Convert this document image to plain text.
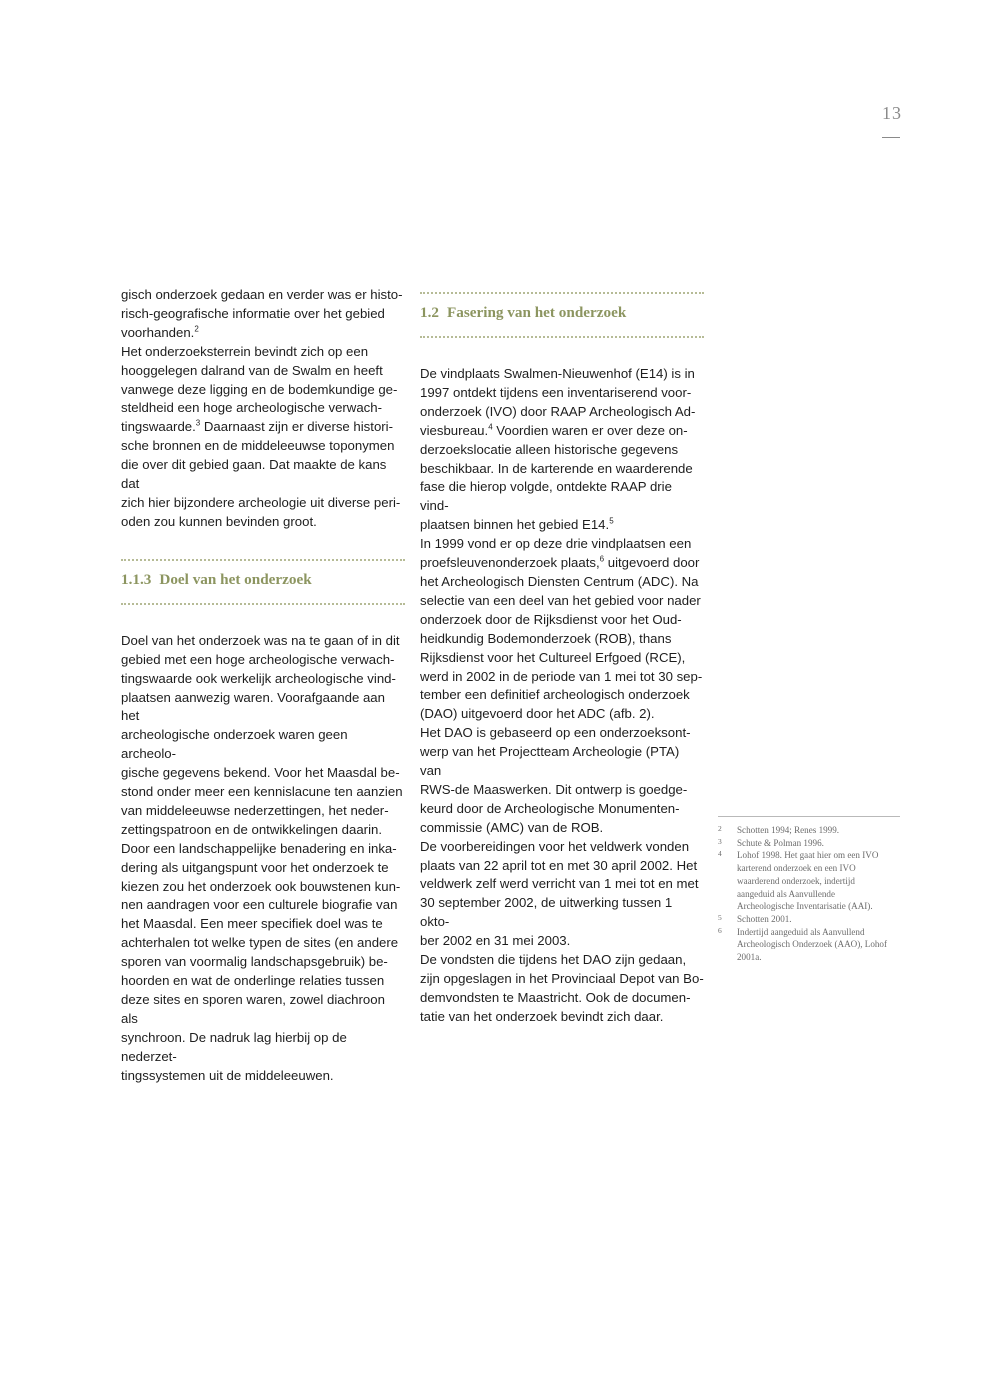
13

gisch onderzoek gedaan en verder was er histo-
risch-geografische informatie over het gebied
voorhanden.$^2$

Het onderzoeksterrein bevindt zich op een
hooggelegen dalrand van de Swalm en heeft
vanwege deze ligging en de bodemkundige ge-
steldheid een hoge archeologische verwach-
tingswaarde.$^3$ Daarnaast zijn er diverse histori-
sche bronnen en de middeleeuwse toponymen
die over dit gebied gaan. Dat maakte de kans dat
zich hier bijzondere archeologie uit diverse peri-
oden zou kunnen bevinden groot.

1.1.3 Doel van het onderzoek

Doel van het onderzoek was na te gaan of in dit
gebied met een hoge archeologische verwach-
tingswaarde ook werkelijk archeologische vind-
plaatsen aanwezig waren. Voorafgaande aan het
archeologische onderzoek waren geen archeolo-
gische gegevens bekend. Voor het Maasdal be-
stond onder meer een kennislacune ten aanzien
van middeleeuwse nederzettingen, het neder-
zettingspatroon en de ontwikkelingen daarin.
Door een landschappelijke benadering en inka-
dering als uitgangspunt voor het onderzoek te
kiezen zou het onderzoek ook bouwstenen kun-
nen aandragen voor een culturele biografie van
het Maasdal. Een meer specifiek doel was te
achterhalen tot welke typen de sites (en andere
sporen van voormalig landschapsgebruik) be-
hoorden en wat de onderlinge relaties tussen
deze sites en sporen waren, zowel diachroon als
synchroon. De nadruk lag hierbij op de nederzet-
tingssystemen uit de middeleeuwen.

1.2 Fasering van het onderzoek

De vindplaats Swalmen-Nieuwenhof (E14) is in
1997 ontdekt tijdens een inventariserend voor-
onderzoek (IVO) door RAAP Archeologisch Ad-
viesbureau.$^4$ Voordien waren er over deze on-
derzoekslocatie alleen historische gegevens
beschikbaar. In de karterende en waarderende
fase die hierop volgde, ontdekte RAAP drie vind-
plaatsen binnen het gebied E14.$^5$

In 1999 vond er op deze drie vindplaatsen een
proefsleuvenonderzoek plaats,$^6$ uitgevoerd door
het Archeologisch Diensten Centrum (ADC). Na
selectie van een deel van het gebied voor nader
onderzoek door de Rijksdienst voor het Oud-
heidkundig Bodemonderzoek (ROB), thans
Rijksdienst voor het Cultureel Erfgoed (RCE),
werd in 2002 in de periode van 1 mei tot 30 sep-
tember een definitief archeologisch onderzoek
(DAO) uitgevoerd door het ADC (afb. 2).

Het DAO is gebaseerd op een onderzoeksont-
werp van het Projectteam Archeologie (PTA) van
RWS-de Maaswerken. Dit ontwerp is goedge-
keurd door de Archeologische Monumenten-
commissie (AMC) van de ROB.

De voorbereidingen voor het veldwerk vonden
plaats van 22 april tot en met 30 april 2002. Het
veldwerk zelf werd verricht van 1 mei tot en met
30 september 2002, de uitwerking tussen 1 okto-
ber 2002 en 31 mei 2003.

De vondsten die tijdens het DAO zijn gedaan,
zijn opgeslagen in het Provinciaal Depot van Bo-
demvondsten te Maastricht. Ook de documen-
tatie van het onderzoek bevindt zich daar.

2 Schotten 1994; Renes 1999.
3 Schute & Polman 1996.
4 Lohof 1998. Het gaat hier om een IVO
karterend onderzoek en een IVO
waarderend onderzoek, indertijd
aangeduid als Aanvullende
Archeologische Inventarisatie (AAI).
5 Schotten 2001.
6 Indertijd aangeduid als Aanvullend
Archeologisch Onderzoek (AAO), Lohof
2001a.
